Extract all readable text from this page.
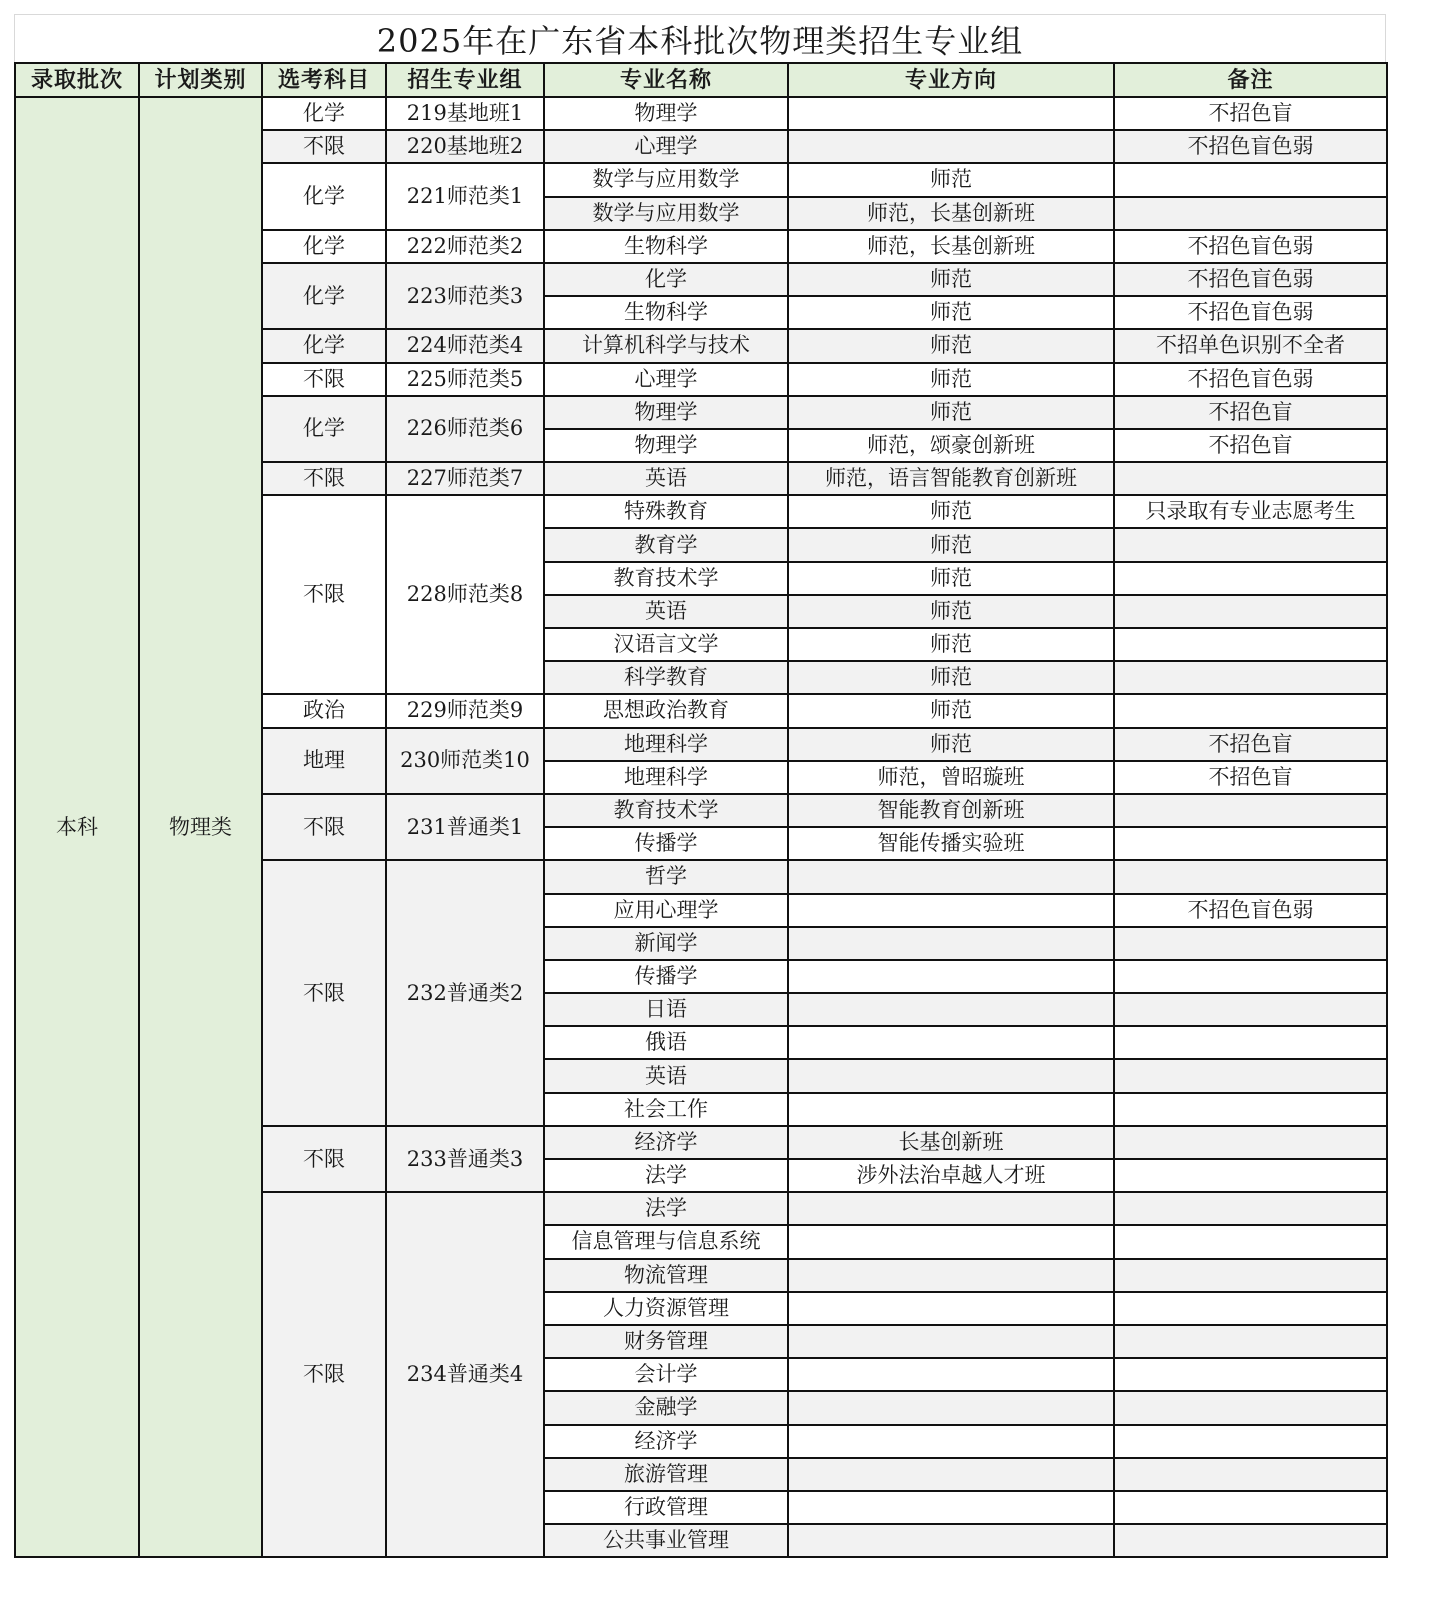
2025年在广东省本科批次物理类招生专业组
录取批次	计划类别	选考科目	招生专业组	专业名称	专业方向	备注
本科	物理类	化学	219基地班1	物理学		不招色盲
		不限	220基地班2	心理学		不招色盲色弱
		化学	221师范类1	数学与应用数学	师范	
				数学与应用数学	师范，长基创新班	
		化学	222师范类2	生物科学	师范，长基创新班	不招色盲色弱
		化学	223师范类3	化学	师范	不招色盲色弱
				生物科学	师范	不招色盲色弱
		化学	224师范类4	计算机科学与技术	师范	不招单色识别不全者
		不限	225师范类5	心理学	师范	不招色盲色弱
		化学	226师范类6	物理学	师范	不招色盲
				物理学	师范，颂豪创新班	不招色盲
		不限	227师范类7	英语	师范，语言智能教育创新班	
		不限	228师范类8	特殊教育	师范	只录取有专业志愿考生
				教育学	师范	
				教育技术学	师范	
				英语	师范	
				汉语言文学	师范	
				科学教育	师范	
		政治	229师范类9	思想政治教育	师范	
		地理	230师范类10	地理科学	师范	不招色盲
				地理科学	师范，曾昭璇班	不招色盲
		不限	231普通类1	教育技术学	智能教育创新班	
				传播学	智能传播实验班	
		不限	232普通类2	哲学		
				应用心理学		不招色盲色弱
				新闻学		
				传播学		
				日语		
				俄语		
				英语		
				社会工作		
		不限	233普通类3	经济学	长基创新班	
				法学	涉外法治卓越人才班	
		不限	234普通类4	法学		
				信息管理与信息系统		
				物流管理		
				人力资源管理		
				财务管理		
				会计学		
				金融学		
				经济学		
				旅游管理		
				行政管理		
				公共事业管理		
